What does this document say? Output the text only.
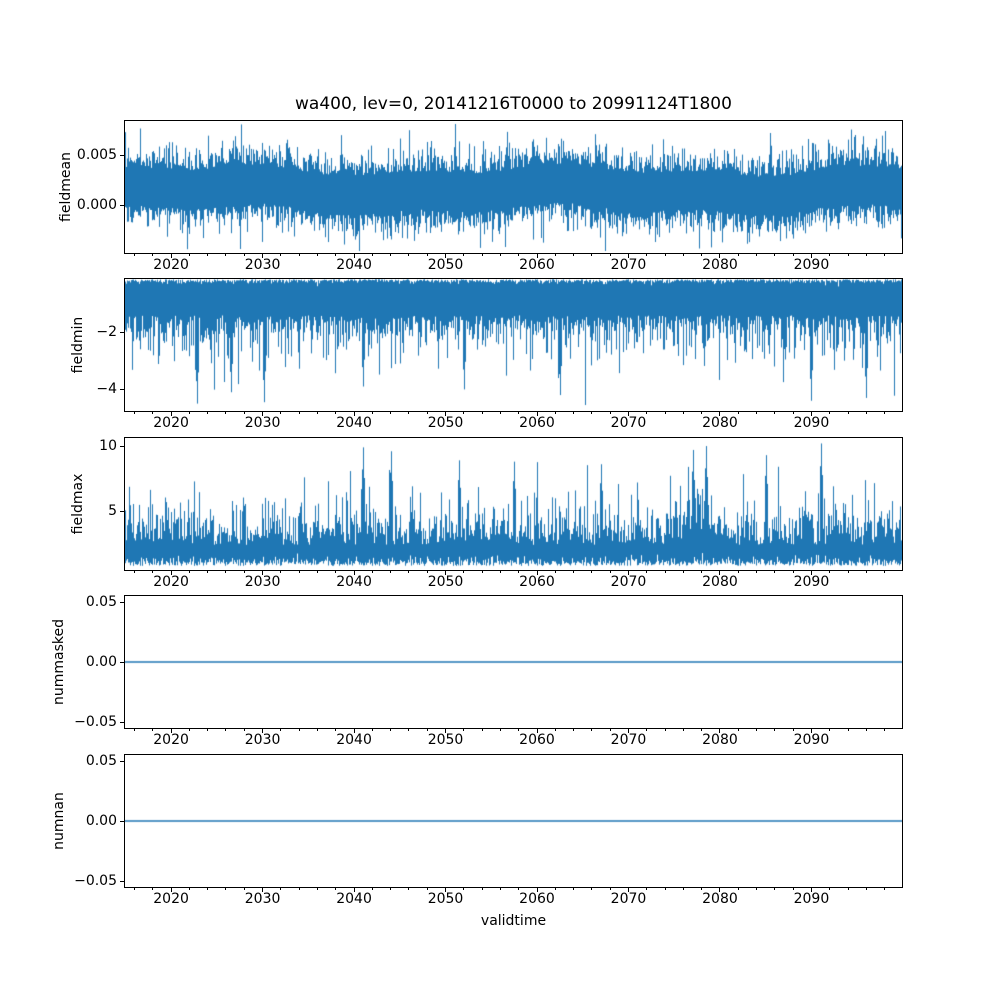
wa400, lev=0, 20141216T0000 to 20991124T1800
fieldmean
fieldmin
fieldmax
nummasked
numnan
validtime
0.005
0.000
2020	2030	2040	2050	2060	2070	2080	2090
−2
−4
2020	2030	2040	2050	2060	2070	2080	2090
10
5
2020	2030	2040	2050	2060	2070	2080	2090
0.05
0.00
−0.05
2020	2030	2040	2050	2060	2070	2080	2090
0.05
0.00
−0.05
2020	2030	2040	2050	2060	2070	2080	2090
